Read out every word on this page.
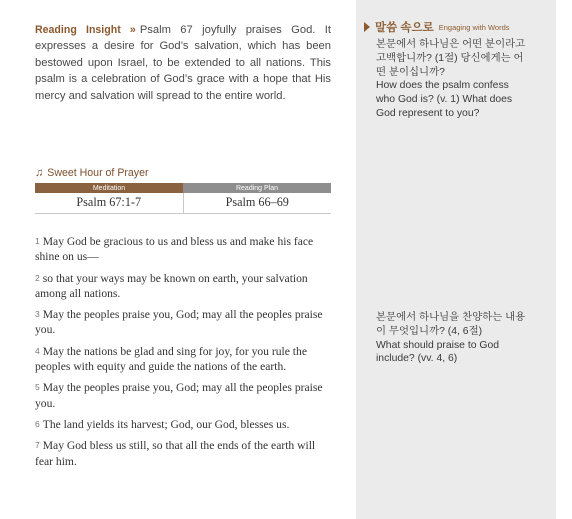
Reading Insight » Psalm 67 joyfully praises God. It expresses a desire for God’s salvation, which has been bestowed upon Israel, to be extended to all nations. This psalm is a celebration of God’s grace with a hope that His mercy and salvation will spread to the entire world.

♫ Sweet Hour of Prayer
Meditation	Reading Plan
Psalm 67:1-7	Psalm 66–69

1 May God be gracious to us and bless us and make his face shine on us—

2 so that your ways may be known on earth, your salvation among all nations.

3 May the peoples praise you, God; may all the peoples praise you.

4 May the nations be glad and sing for joy, for you rule the peoples with equity and guide the nations of the earth.

5 May the peoples praise you, God; may all the peoples praise you.

6 The land yields its harvest; God, our God, blesses us.

7 May God bless us still, so that all the ends of the earth will fear him.

말씀 속으로 Engaging with Words

본문에서 하나님은 어떤 분이라고 고백합니까? (1절) 당신에게는 어떤 분이십니까?
How does the psalm confess who God is? (v. 1) What does God represent to you?

본문에서 하나님을 찬양하는 내용이 무엇입니까? (4, 6절)
What should praise to God include? (vv. 4, 6)
